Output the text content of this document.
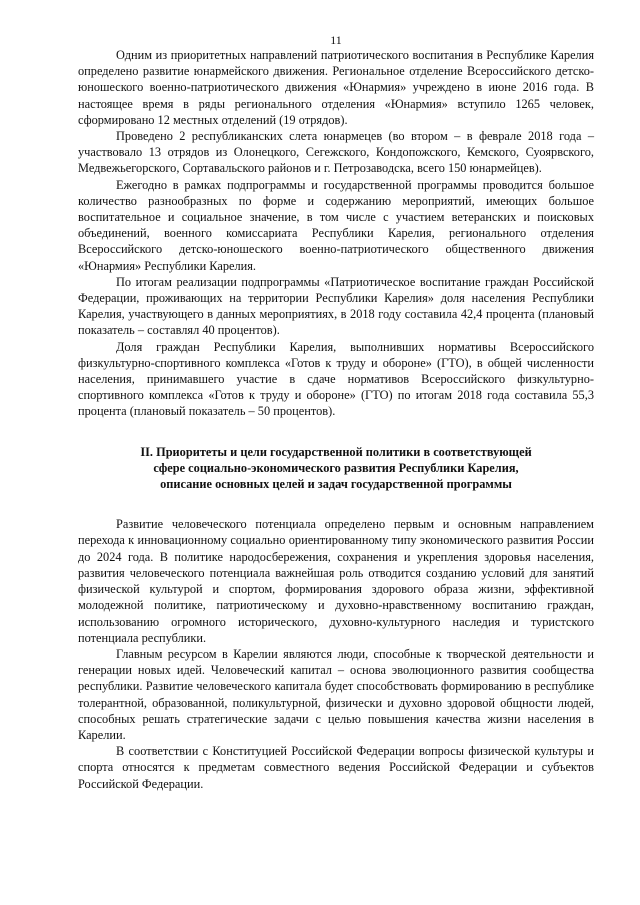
11

Одним из приоритетных направлений патриотического воспитания в Республике Карелия определено развитие юнармейского движения. Региональное отделение Всероссийского детско-юношеского военно-патриотического движения «Юнармия» учреждено в июне 2016 года. В настоящее время в ряды регионального отделения «Юнармия» вступило 1265 человек, сформировано 12 местных отделений (19 отрядов).

Проведено 2 республиканских слета юнармецев (во втором – в феврале 2018 года – участвовало 13 отрядов из Олонецкого, Сегежского, Кондопожского, Кемского, Суоярвского, Медвежьегорского, Сортавальского районов и г. Петрозаводска, всего 150 юнармейцев).

Ежегодно в рамках подпрограммы и государственной программы проводится большое количество разнообразных по форме и содержанию мероприятий, имеющих большое воспитательное и социальное значение, в том числе с участием ветеранских и поисковых объединений, военного комиссариата Республики Карелия, регионального отделения Всероссийского детско-юношеского военно-патриотического общественного движения «Юнармия» Республики Карелия.

По итогам реализации подпрограммы «Патриотическое воспитание граждан Российской Федерации, проживающих на территории Республики Карелия» доля населения Республики Карелия, участвующего в данных мероприятиях, в 2018 году составила 42,4 процента (плановый показатель – составлял 40 процентов).

Доля граждан Республики Карелия, выполнивших нормативы Всероссийского физкультурно-спортивного комплекса «Готов к труду и обороне» (ГТО), в общей численности населения, принимавшего участие в сдаче нормативов Всероссийского физкультурно-спортивного комплекса «Готов к труду и обороне» (ГТО) по итогам 2018 года составила 55,3 процента (плановый показатель – 50 процентов).

II. Приоритеты и цели государственной политики в соответствующей
сфере социально-экономического развития Республики Карелия,
описание основных целей и задач государственной программы

Развитие человеческого потенциала определено первым и основным направлением перехода к инновационному социально ориентированному типу экономического развития России до 2024 года. В политике народосбережения, сохранения и укрепления здоровья населения, развития человеческого потенциала важнейшая роль отводится созданию условий для занятий физической культурой и спортом, формирования здорового образа жизни, эффективной молодежной политике, патриотическому и духовно-нравственному воспитанию граждан, использованию огромного исторического, духовно-культурного наследия и туристского потенциала республики.

Главным ресурсом в Карелии являются люди, способные к творческой деятельности и генерации новых идей. Человеческий капитал – основа эволюционного развития сообщества республики. Развитие человеческого капитала будет способствовать формированию в республике толерантной, образованной, поликультурной, физически и духовно здоровой общности людей, способных решать стратегические задачи с целью повышения качества жизни населения в Карелии.

В соответствии с Конституцией Российской Федерации вопросы физической культуры и спорта относятся к предметам совместного ведения Российской Федерации и субъектов Российской Федерации.
